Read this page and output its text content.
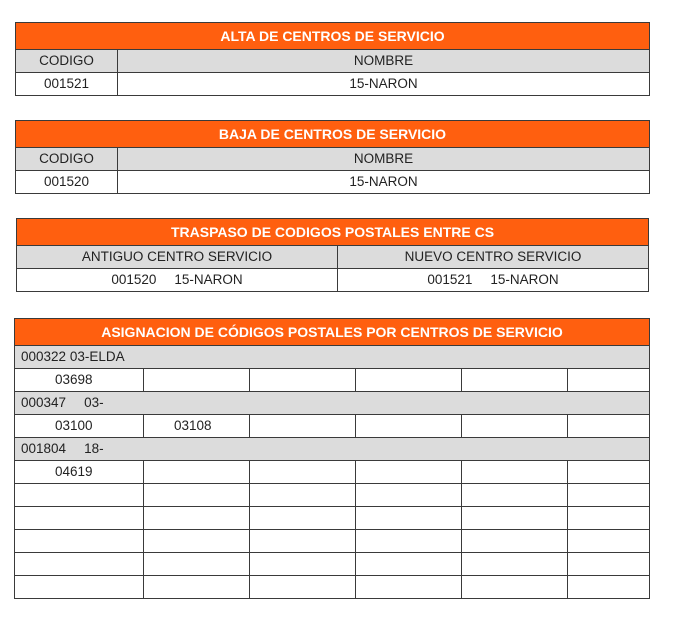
ALTA DE CENTROS DE SERVICIO	
CODIGO	NOMBRE
001521	15-NARON
BAJA DE CENTROS DE SERVICIO	
CODIGO	NOMBRE
001520	15-NARON
TRASPASO DE CODIGOS POSTALES ENTRE CS	
ANTIGUO CENTRO SERVICIO	NUEVO CENTRO SERVICIO
001520 15-NARON	001521 15-NARON
ASIGNACION DE CÓDIGOS POSTALES POR CENTROS DE SERVICIO					
000322 03-ELDA					
03698					
000347 03-					
03100	03108				
001804 18-					
04619					
